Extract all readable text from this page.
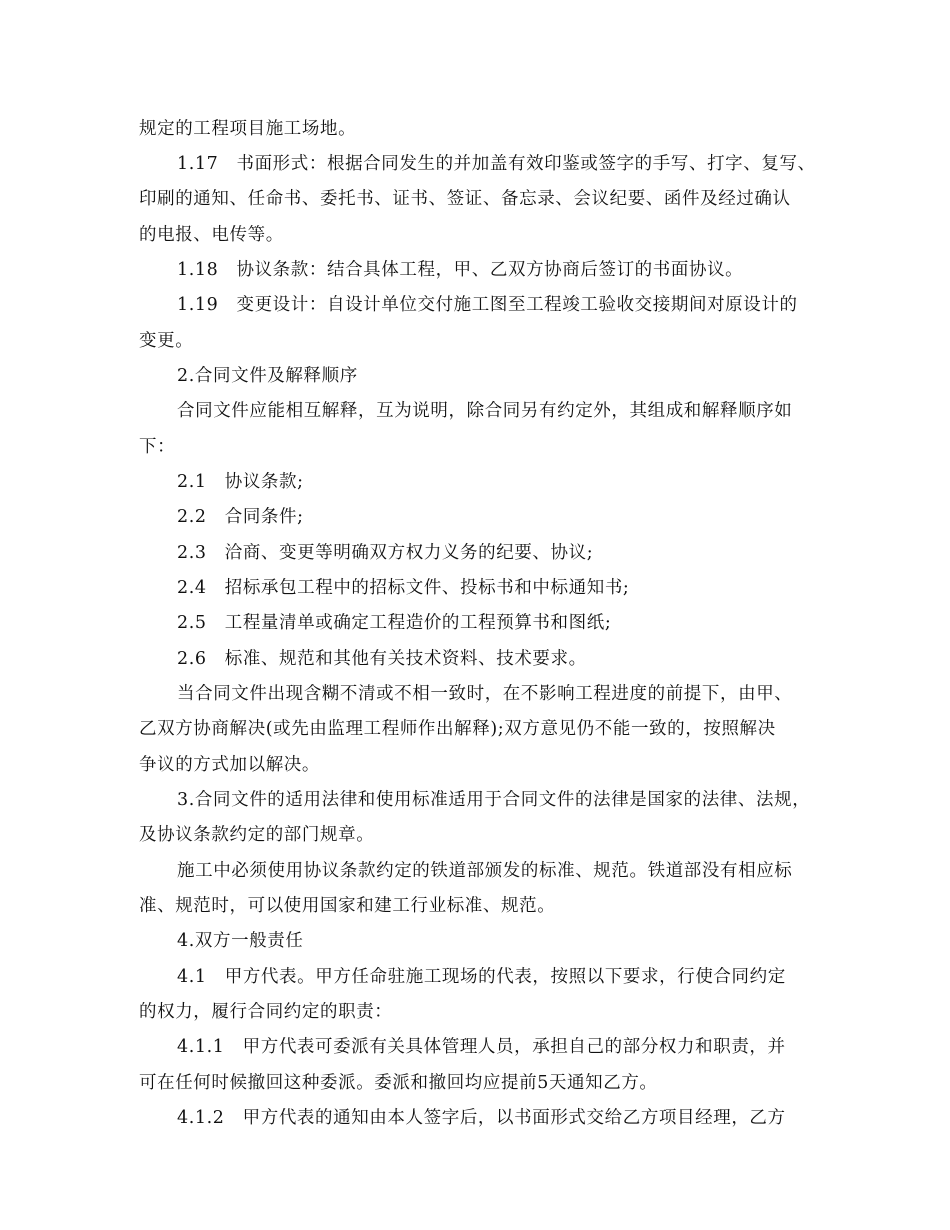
规定的工程项目施工场地。
1.17　书面形式：根据合同发生的并加盖有效印鉴或签字的手写、打字、复写、
印刷的通知、任命书、委托书、证书、签证、备忘录、会议纪要、函件及经过确认
的电报、电传等。
1.18　协议条款：结合具体工程，甲、乙双方协商后签订的书面协议。
1.19　变更设计：自设计单位交付施工图至工程竣工验收交接期间对原设计的
变更。
2.合同文件及解释顺序
合同文件应能相互解释，互为说明，除合同另有约定外，其组成和解释顺序如
下：
2.1　协议条款;
2.2　合同条件;
2.3　洽商、变更等明确双方权力义务的纪要、协议;
2.4　招标承包工程中的招标文件、投标书和中标通知书;
2.5　工程量清单或确定工程造价的工程预算书和图纸;
2.6　标准、规范和其他有关技术资料、技术要求。
当合同文件出现含糊不清或不相一致时，在不影响工程进度的前提下，由甲、
乙双方协商解决(或先由监理工程师作出解释);双方意见仍不能一致的，按照解决
争议的方式加以解决。
3.合同文件的适用法律和使用标准适用于合同文件的法律是国家的法律、法规，
及协议条款约定的部门规章。
施工中必须使用协议条款约定的铁道部颁发的标准、规范。铁道部没有相应标
准、规范时，可以使用国家和建工行业标准、规范。
4.双方一般责任
4.1　甲方代表。甲方任命驻施工现场的代表，按照以下要求，行使合同约定
的权力，履行合同约定的职责：
4.1.1　甲方代表可委派有关具体管理人员，承担自己的部分权力和职责，并
可在任何时候撤回这种委派。委派和撤回均应提前5天通知乙方。
4.1.2　甲方代表的通知由本人签字后，以书面形式交给乙方项目经理，乙方
